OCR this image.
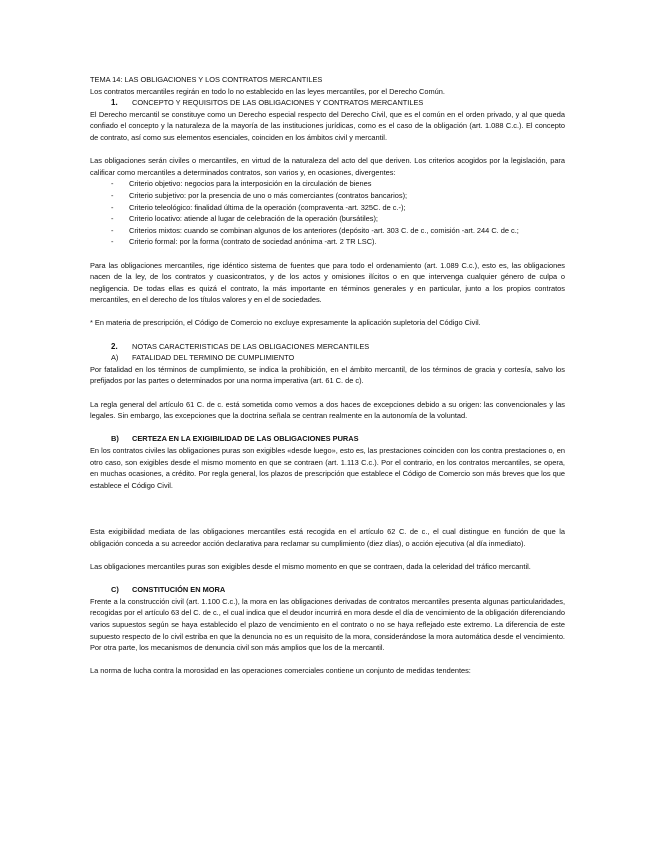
TEMA 14: LAS OBLIGACIONES Y LOS CONTRATOS MERCANTILES

Los contratos mercantiles regirán en todo lo no establecido en las leyes mercantiles, por el Derecho Común.

1. CONCEPTO Y REQUISITOS DE LAS OBLIGACIONES Y CONTRATOS MERCANTILES

El Derecho mercantil se constituye como un Derecho especial respecto del Derecho Civil, que es el común en el orden privado, y al que queda confiado el concepto y la naturaleza de la mayoría de las instituciones jurídicas, como es el caso de la obligación (art. 1.088 C.c.). El concepto de contrato, así como sus elementos esenciales, coinciden en los ámbitos civil y mercantil.

Las obligaciones serán civiles o mercantiles, en virtud de la naturaleza del acto del que deriven. Los criterios acogidos por la legislación, para calificar como mercantiles a determinados contratos, son varios y, en ocasiones, divergentes:

- Criterio objetivo: negocios para la interposición en la circulación de bienes
- Criterio subjetivo: por la presencia de uno o más comerciantes (contratos bancarios);
- Criterio teleológico: finalidad última de la operación (compraventa -art. 325C. de c.-);
- Criterio locativo: atiende al lugar de celebración de la operación (bursátiles);
- Criterios mixtos: cuando se combinan algunos de los anteriores (depósito -art. 303 C. de c., comisión -art. 244 C. de c.;
- Criterio formal: por la forma (contrato de sociedad anónima -art. 2 TR LSC).

Para las obligaciones mercantiles, rige idéntico sistema de fuentes que para todo el ordenamiento (art. 1.089 C.c.), esto es, las obligaciones nacen de la ley, de los contratos y cuasicontratos, y de los actos y omisiones ilícitos o en que intervenga cualquier género de culpa o negligencia. De todas ellas es quizá el contrato, la más importante en términos generales y en particular, junto a los propios contratos mercantiles, en el derecho de los títulos valores y en el de sociedades.

* En materia de prescripción, el Código de Comercio no excluye expresamente la aplicación supletoria del Código Civil.

2. NOTAS CARACTERISTICAS DE LAS OBLIGACIONES MERCANTILES
A) FATALIDAD DEL TERMINO DE CUMPLIMIENTO

Por fatalidad en los términos de cumplimiento, se indica la prohibición, en el ámbito mercantil, de los términos de gracia y cortesía, salvo los prefijados por las partes o determinados por una norma imperativa (art. 61 C. de c).

La regla general del artículo 61 C. de c. está sometida como vemos a dos haces de excepciones debido a su origen: las convencionales y las legales. Sin embargo, las excepciones que la doctrina señala se centran realmente en la autonomía de la voluntad.

B) CERTEZA EN LA EXIGIBILIDAD DE LAS OBLIGACIONES PURAS

En los contratos civiles las obligaciones puras son exigibles «desde luego», esto es, las prestaciones coinciden con los contra prestaciones o, en otro caso, son exigibles desde el mismo momento en que se contraen (art. 1.113 C.c.). Por el contrario, en los contratos mercantiles, se opera, en muchas ocasiones, a crédito. Por regla general, los plazos de prescripción que establece el Código de Comercio son más breves que los que establece el Código Civil.

Esta exigibilidad mediata de las obligaciones mercantiles está recogida en el artículo 62 C. de c., el cual distingue en función de que la obligación conceda a su acreedor acción declarativa para reclamar su cumplimiento (diez días), o acción ejecutiva (al día inmediato).

Las obligaciones mercantiles puras son exigibles desde el mismo momento en que se contraen, dada la celeridad del tráfico mercantil.

C) CONSTITUCIÓN EN MORA

Frente a la construcción civil (art. 1.100 C.c.), la mora en las obligaciones derivadas de contratos mercantiles presenta algunas particularidades, recogidas por el artículo 63 del C. de c., el cual indica que el deudor incurrirá en mora desde el día de vencimiento de la obligación diferenciando varios supuestos según se haya establecido el plazo de vencimiento en el contrato o no se haya reflejado este extremo. La diferencia de este supuesto respecto de lo civil estriba en que la denuncia no es un requisito de la mora, considerándose la mora automática desde el vencimiento. Por otra parte, los mecanismos de denuncia civil son más amplios que los de la mercantil.

La norma de lucha contra la morosidad en las operaciones comerciales contiene un conjunto de medidas tendentes:
